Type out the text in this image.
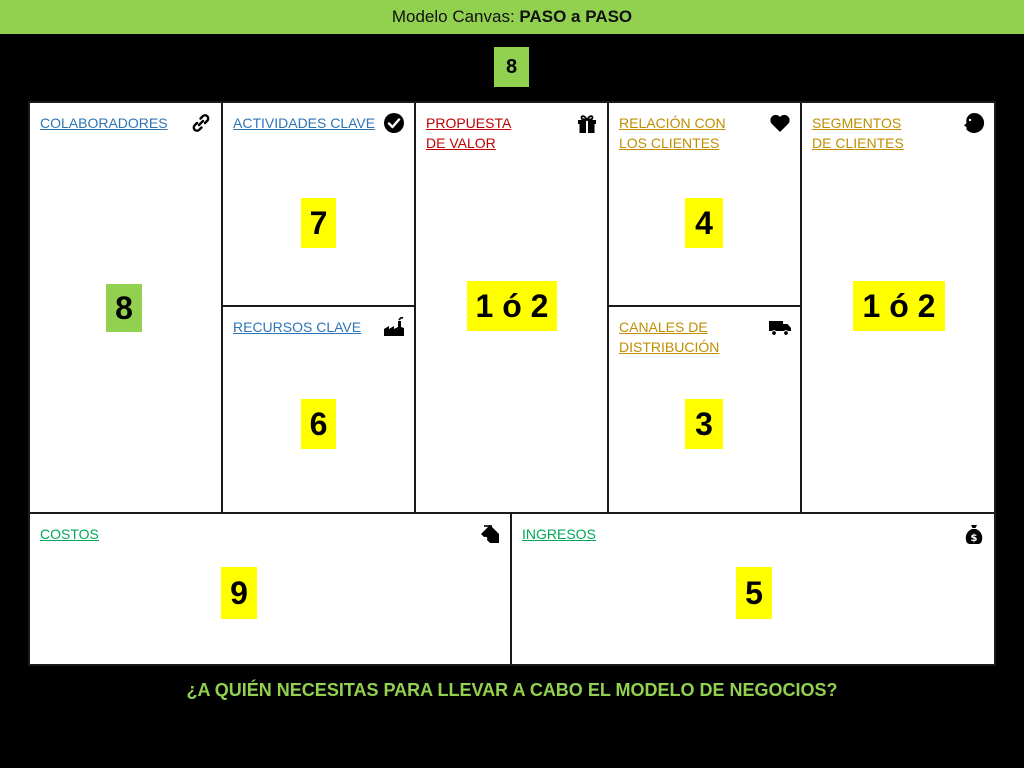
Modelo Canvas: PASO a PASO
8
COLABORADORES
8
ACTIVIDADES CLAVE
7
RECURSOS CLAVE
6
PROPUESTA
DE VALOR
1 ó 2
RELACIÓN CON
LOS CLIENTES
4
CANALES DE
DISTRIBUCIÓN
3
SEGMENTOS
DE CLIENTES
1 ó 2
COSTOS
9
INGRESOS	$
5
¿A QUIÉN NECESITAS PARA LLEVAR A CABO EL MODELO DE NEGOCIOS?
